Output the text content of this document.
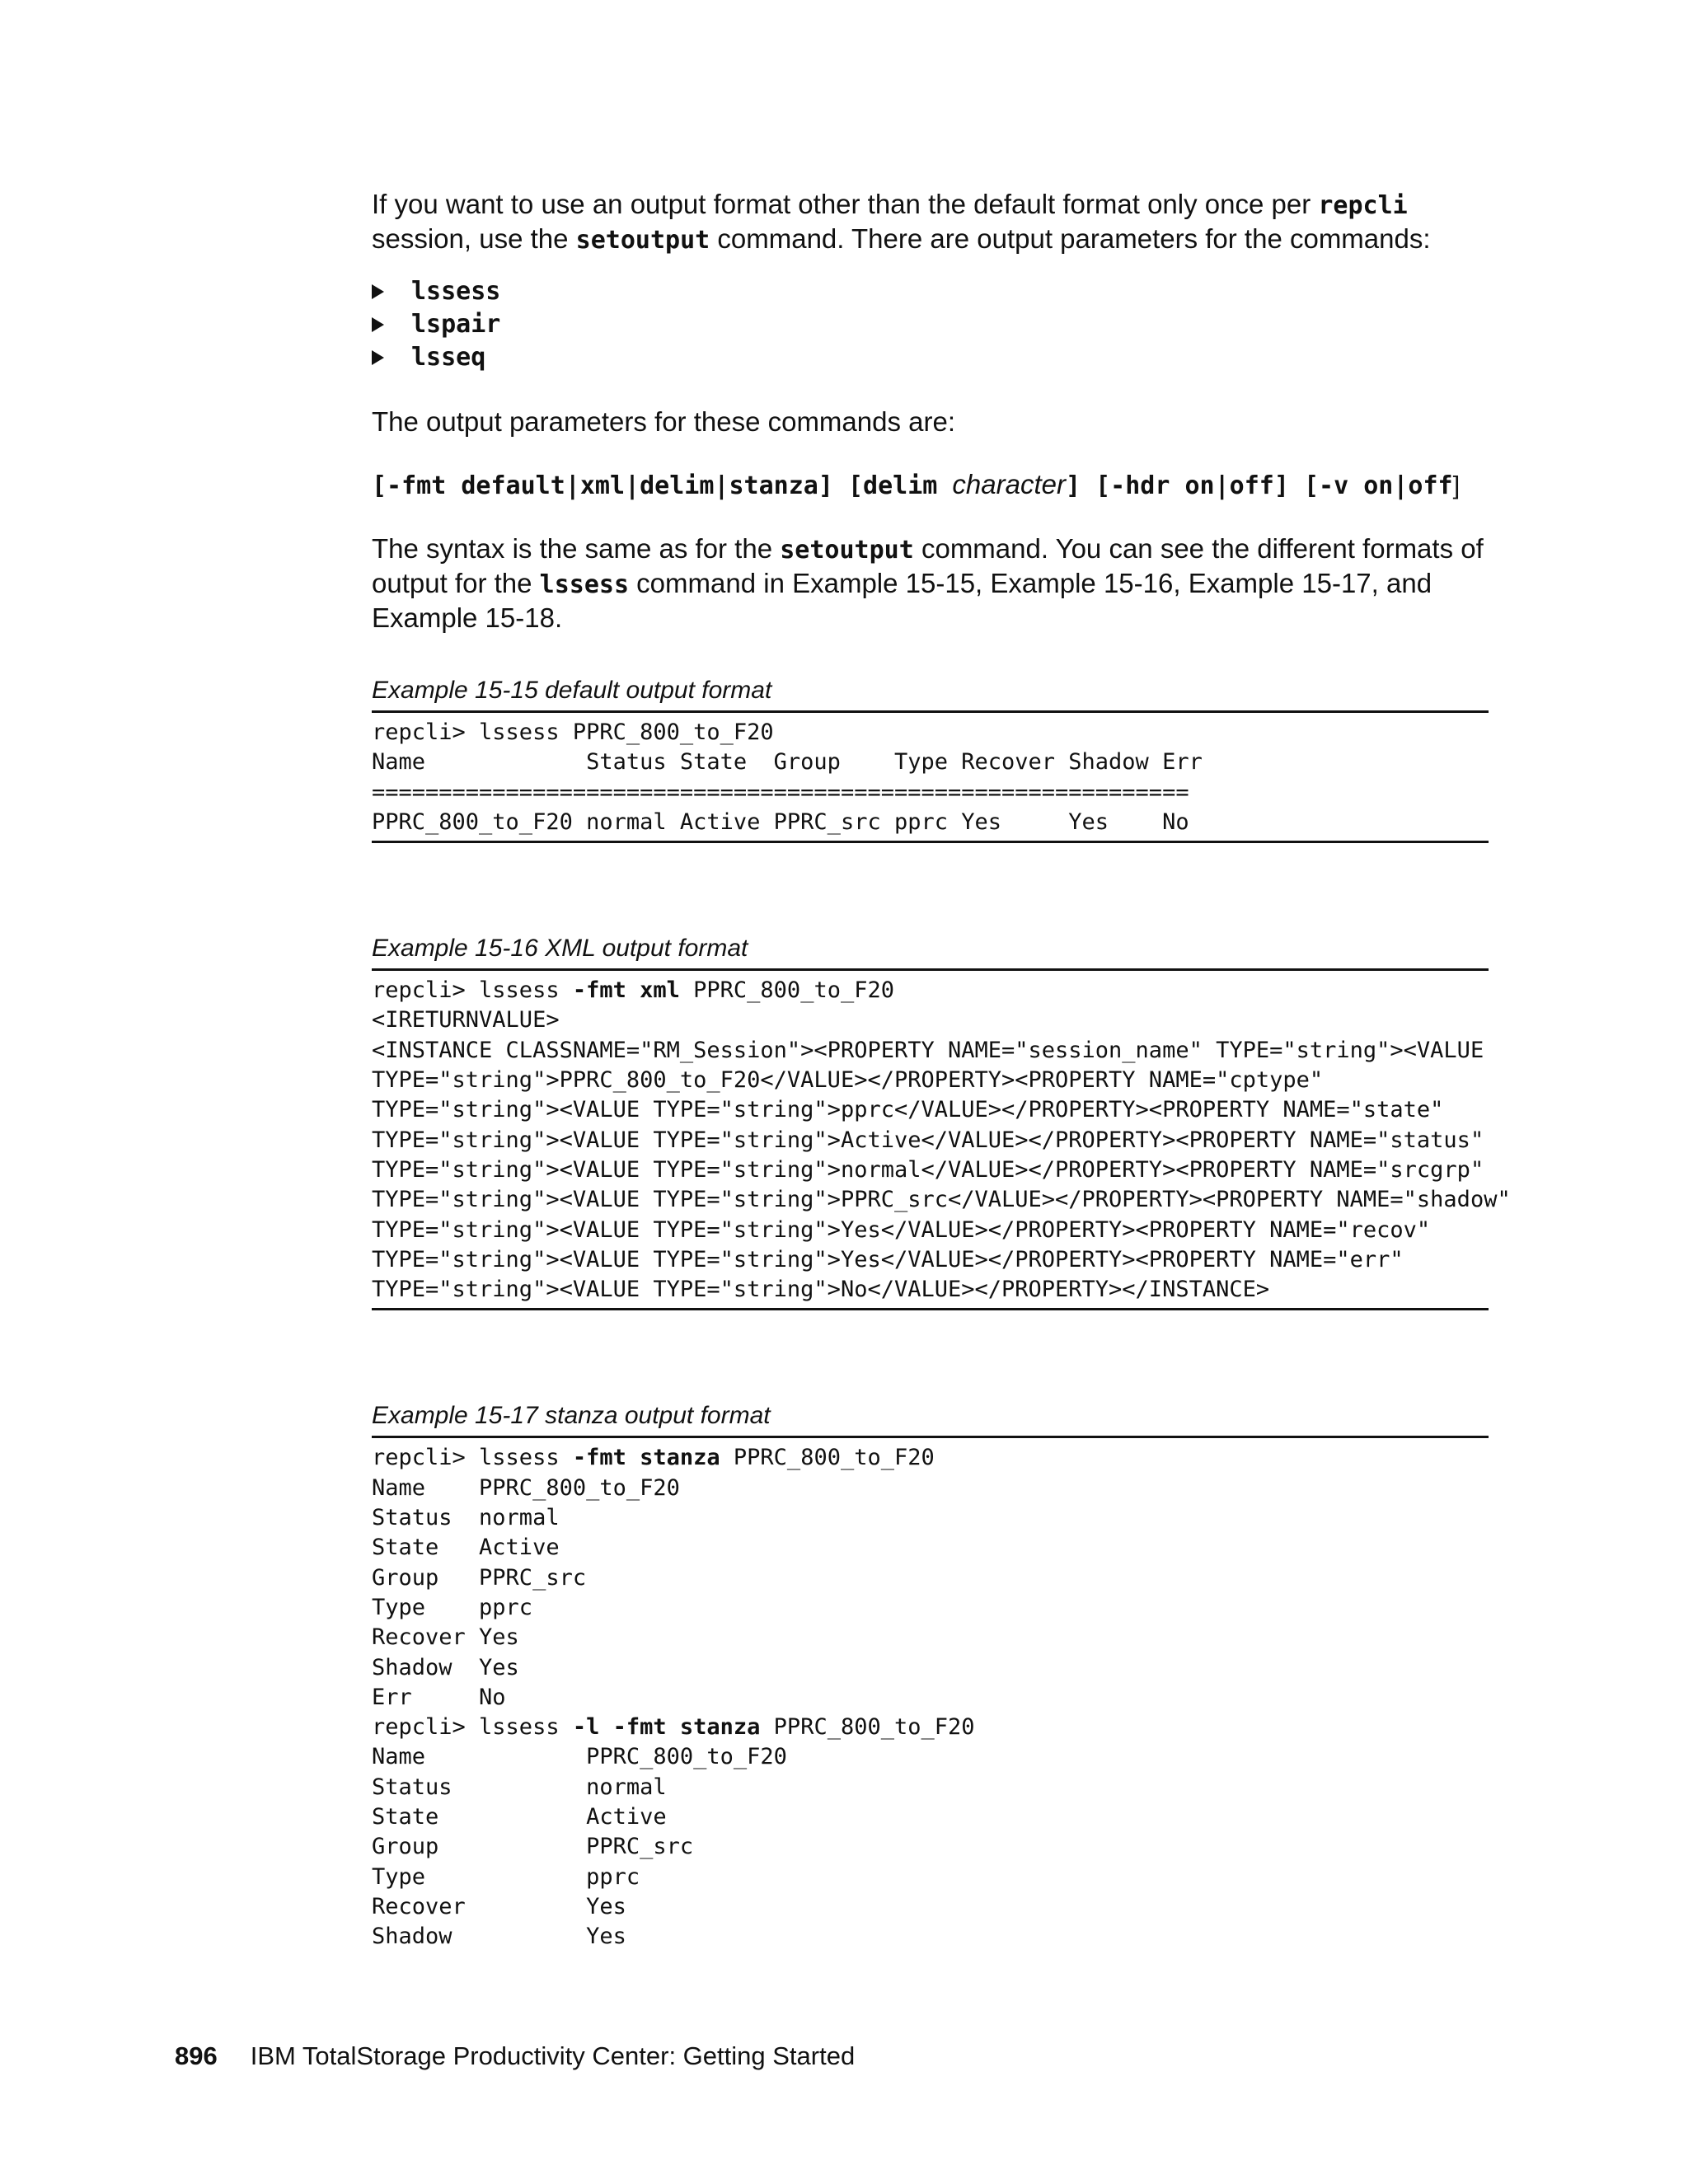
If you want to use an output format other than the default format only once per repcli session, use the setoutput command. There are output parameters for the commands:

lssess
lspair
lsseq

The output parameters for these commands are:

[-fmt default|xml|delim|stanza] [delim character] [-hdr on|off] [-v on|off]

The syntax is the same as for the setoutput command. You can see the different formats of output for the lssess command in Example 15-15, Example 15-16, Example 15-17, and Example 15-18.

Example 15-15 default output format

repcli> lssess PPRC_800_to_F20
Name            Status State  Group    Type Recover Shadow Err
=============================================================
PPRC_800_to_F20 normal Active PPRC_src pprc Yes     Yes    No

Example 15-16 XML output format

repcli> lssess -fmt xml PPRC_800_to_F20
<IRETURNVALUE>
<INSTANCE CLASSNAME="RM_Session"><PROPERTY NAME="session_name" TYPE="string"><VALUE
TYPE="string">PPRC_800_to_F20</VALUE></PROPERTY><PROPERTY NAME="cptype"
TYPE="string"><VALUE TYPE="string">pprc</VALUE></PROPERTY><PROPERTY NAME="state"
TYPE="string"><VALUE TYPE="string">Active</VALUE></PROPERTY><PROPERTY NAME="status"
TYPE="string"><VALUE TYPE="string">normal</VALUE></PROPERTY><PROPERTY NAME="srcgrp"
TYPE="string"><VALUE TYPE="string">PPRC_src</VALUE></PROPERTY><PROPERTY NAME="shadow"
TYPE="string"><VALUE TYPE="string">Yes</VALUE></PROPERTY><PROPERTY NAME="recov"
TYPE="string"><VALUE TYPE="string">Yes</VALUE></PROPERTY><PROPERTY NAME="err"
TYPE="string"><VALUE TYPE="string">No</VALUE></PROPERTY></INSTANCE>

Example 15-17 stanza output format

repcli> lssess -fmt stanza PPRC_800_to_F20
Name    PPRC_800_to_F20
Status  normal
State   Active
Group   PPRC_src
Type    pprc
Recover Yes
Shadow  Yes
Err     No
repcli> lssess -l -fmt stanza PPRC_800_to_F20
Name            PPRC_800_to_F20
Status          normal
State           Active
Group           PPRC_src
Type            pprc
Recover         Yes
Shadow          Yes
896 IBM TotalStorage Productivity Center: Getting Started
